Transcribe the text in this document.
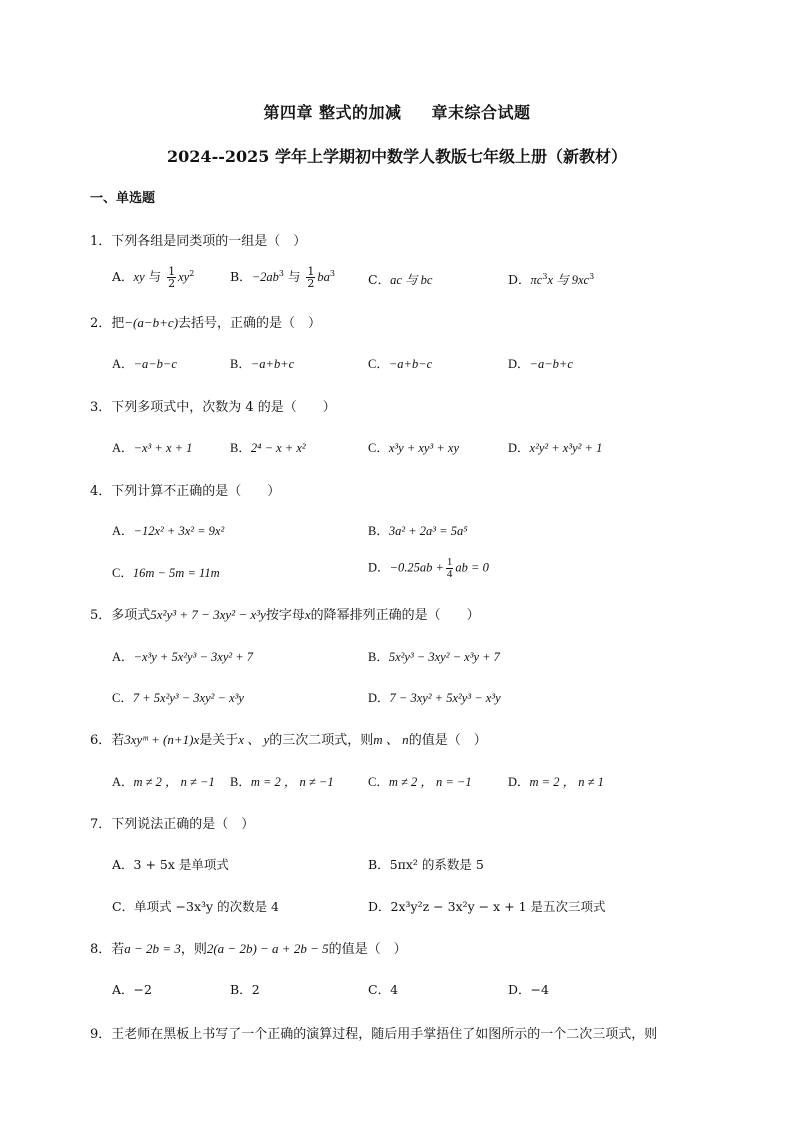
第四章 整式的加减 章末综合试题
2024--2025 学年上学期初中数学人教版七年级上册（新教材）
一、单选题
1．下列各组是同类项的一组是（　）
A．xy 与 $\frac{1}{2} xy^2$	B．$-2ab^3$ 与 $\frac{1}{2} ba^3$	C．ac 与 bc	D．$\pi c^3x$ 与 $9xc^3$
2．把−(a−b+c)去括号，正确的是（　）
A．−a−b−c	B．−a+b+c	C．−a+b−c	D．−a−b+c
3．下列多项式中，次数为 4 的是（　　）
A．−x³ + x + 1	B．2⁴ − x + x²	C．x³y + xy³ + xy	D．x²y² + x³y² + 1
4．下列计算不正确的是（　　）
A．−12x² + 3x² = 9x²	B．3a² + 2a³ = 5a⁵
C．16m − 5m = 11m	D．$-0.25ab + \frac{1}{4}$ ab = 0
5．多项式5x²y³ + 7 − 3xy² − x³y按字母x的降幂排列正确的是（　　）
A．−x³y + 5x²y³ − 3xy² + 7	B．5x²y³ − 3xy² − x³y + 7
C．7 + 5x²y³ − 3xy² − x³y	D．7 − 3xy² + 5x²y³ − x³y
6．若3xyᵐ + (n+1)x是关于x 、 y的三次二项式，则m 、 n的值是（　）
A．m ≠ 2 ， n ≠ −1 B．m = 2 ， n ≠ −1	C．m ≠ 2 ， n = −1	D．m = 2 ， n ≠ 1
7．下列说法正确的是（　）
A．3 + 5x 是单项式	B．5πx² 的系数是 5
C．单项式 −3x³y 的次数是 4	D．2x³y²z − 3x²y − x + 1 是五次三项式
8．若a − 2b = 3，则2(a − 2b) − a + 2b − 5的值是（　）
A．−2	B．2	C．4	D．−4
9．王老师在黑板上书写了一个正确的演算过程，随后用手掌捂住了如图所示的一个二次三项式，则
